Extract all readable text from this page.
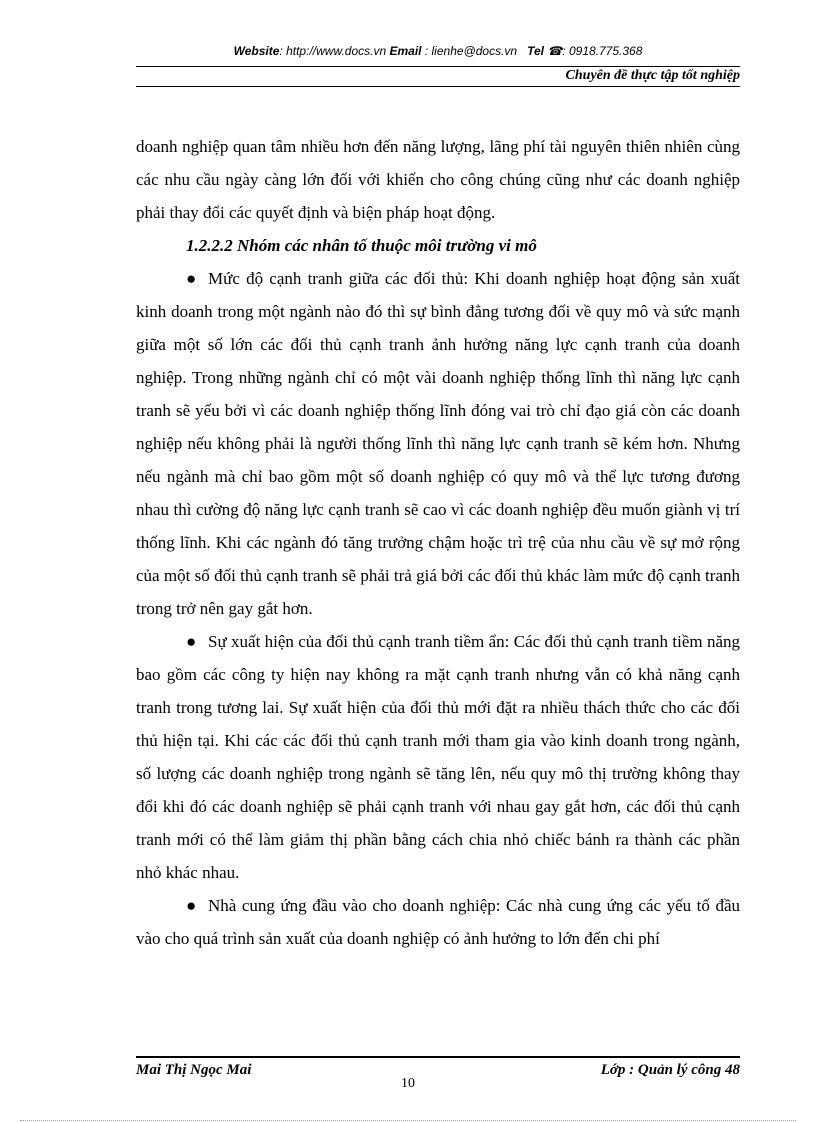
Website: http://www.docs.vn Email : lienhe@docs.vn Tel ☎: 0918.775.368
Chuyên đề thực tập tốt nghiệp

doanh nghiệp quan tâm nhiều hơn đến năng lượng, lãng phí tài nguyên thiên nhiên cùng các nhu cầu ngày càng lớn đối với khiến cho công chúng cũng như các doanh nghiệp phải thay đổi các quyết định và biện pháp hoạt động.

1.2.2.2 Nhóm các nhân tố thuộc môi trường vi mô

● Mức độ cạnh tranh giữa các đối thủ: Khi doanh nghiệp hoạt động sản xuất kinh doanh trong một ngành nào đó thì sự bình đẳng tương đối về quy mô và sức mạnh giữa một số lớn các đối thủ cạnh tranh ảnh hưởng năng lực cạnh tranh của doanh nghiệp. Trong những ngành chỉ có một vài doanh nghiệp thống lĩnh thì năng lực cạnh tranh sẽ yếu bởi vì các doanh nghiệp thống lĩnh đóng vai trò chỉ đạo giá còn các doanh nghiệp nếu không phải là người thống lĩnh thì năng lực cạnh tranh sẽ kém hơn. Nhưng nếu ngành mà chỉ bao gồm một số doanh nghiệp có quy mô và thể lực tương đương nhau thì cường độ năng lực cạnh tranh sẽ cao vì các doanh nghiệp đều muốn giành vị trí thống lĩnh. Khi các ngành đó tăng trưởng chậm hoặc trì trệ của nhu cầu về sự mở rộng của một số đối thủ cạnh tranh sẽ phải trả giá bởi các đối thủ khác làm mức độ cạnh tranh trong trở nên gay gắt hơn.

● Sự xuất hiện của đối thủ cạnh tranh tiềm ẩn: Các đối thủ cạnh tranh tiềm năng bao gồm các công ty hiện nay không ra mặt cạnh tranh nhưng vẫn có khả năng cạnh tranh trong tương lai. Sự xuất hiện của đối thủ mới đặt ra nhiều thách thức cho các đối thủ hiện tại. Khi các các đối thủ cạnh tranh mới tham gia vào kinh doanh trong ngành, số lượng các doanh nghiệp trong ngành sẽ tăng lên, nếu quy mô thị trường không thay đổi khi đó các doanh nghiệp sẽ phải cạnh tranh với nhau gay gắt hơn, các đối thủ cạnh tranh mới có thể làm giảm thị phần bằng cách chia nhỏ chiếc bánh ra thành các phần nhỏ khác nhau.

● Nhà cung ứng đầu vào cho doanh nghiệp: Các nhà cung ứng các yếu tố đầu vào cho quá trình sản xuất của doanh nghiệp có ảnh hưởng to lớn đến chi phí

Mai Thị Ngọc Mai	Lớp : Quản lý công 48
10
